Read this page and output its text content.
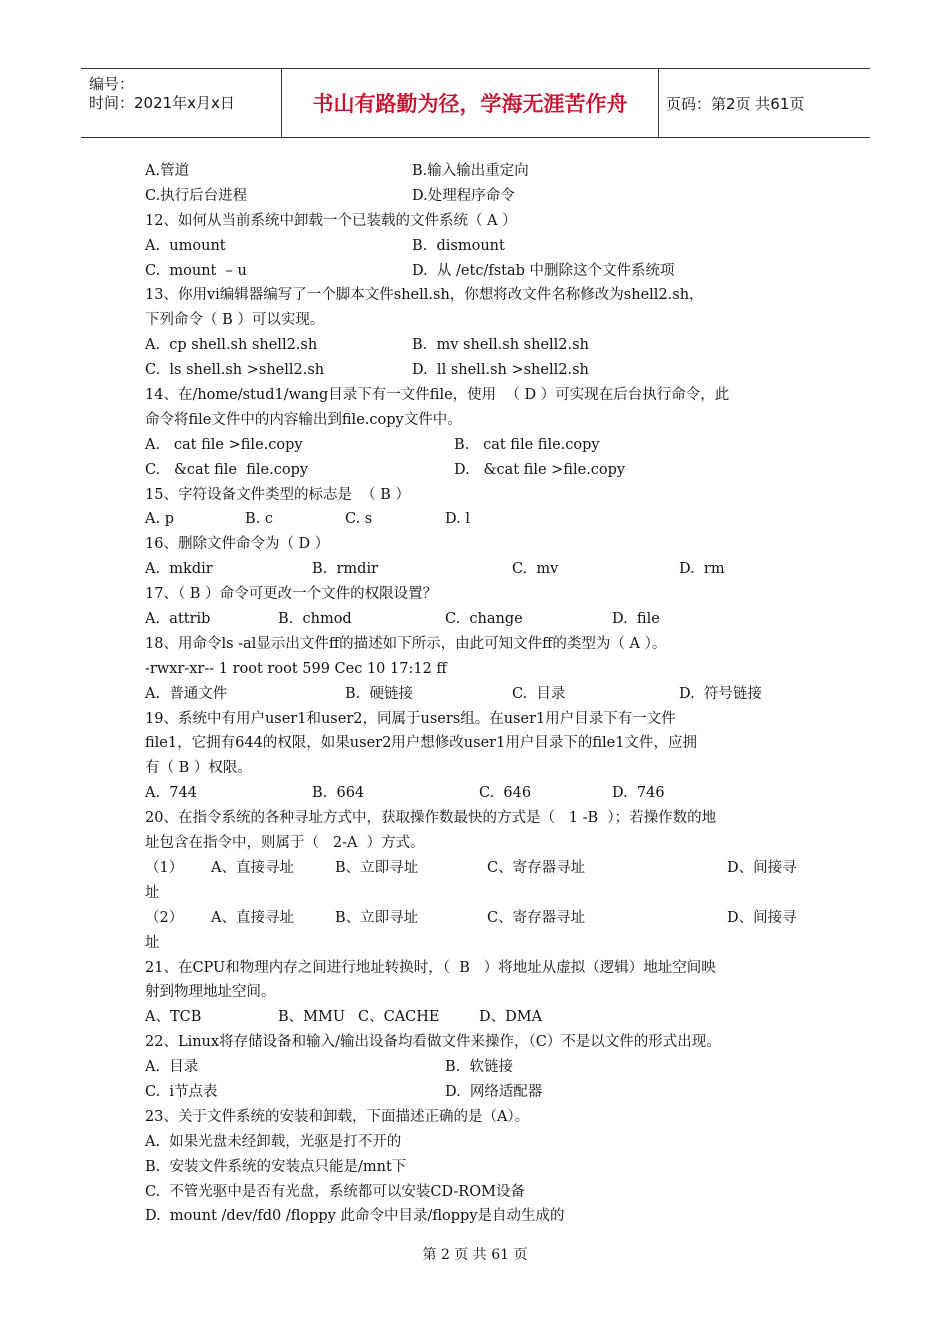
编号：
时间：2021年x月x日	书山有路勤为径，学海无涯苦作舟	页码：第2页 共61页
A.管道	B.输入输出重定向
C.执行后台进程	D.处理程序命令
12、如何从当前系统中卸载一个已装载的文件系统（ A ）
A.  umount	B.  dismount
C.  mount  – u	D.  从 /etc/fstab 中删除这个文件系统项
13、你用vi编辑器编写了一个脚本文件shell.sh，你想将改文件名称修改为shell2.sh，
下列命令（ B ）可以实现。
A.  cp shell.sh shell2.sh	B.  mv shell.sh shell2.sh
C.  ls shell.sh >shell2.sh	D.  ll shell.sh >shell2.sh
14、在/home/stud1/wang目录下有一文件file，使用  （ D ）可实现在后台执行命令，此
命令将file文件中的内容输出到file.copy文件中。
A.   cat file >file.copy	B.   cat file file.copy
C.   &cat file  file.copy	D.   &cat file >file.copy
15、字符设备文件类型的标志是  （ B ）
A. p	B. c	C. s	D. l
16、删除文件命令为（ D ）
A.  mkdir	B.  rmdir	C.  mv	D.  rm
17、（ B ）命令可更改一个文件的权限设置？
A.  attrib	B.  chmod	C.  change	D.  file
18、用命令ls -al显示出文件ff的描述如下所示，由此可知文件ff的类型为（ A ）。
-rwxr-xr-- 1 root root 599 Cec 10 17:12 ff
A.  普通文件	B.  硬链接	C.  目录	D.  符号链接
19、系统中有用户user1和user2，同属于users组。在user1用户目录下有一文件
file1，它拥有644的权限，如果user2用户想修改user1用户目录下的file1文件，应拥
有（ B ）权限。
A.  744	B.  664	C.  646	D.  746
20、在指令系统的各种寻址方式中，获取操作数最快的方式是（   1 -B  ）；若操作数的地
址包含在指令中，则属于（   2-A  ）方式。
（1） A、直接寻址	B、立即寻址	C、寄存器寻址	D、间接寻
址
（2） A、直接寻址	B、立即寻址	C、寄存器寻址	D、间接寻
址
21、在CPU和物理内存之间进行地址转换时，（  B   ）将地址从虚拟（逻辑）地址空间映
射到物理地址空间。
A、TCB	B、MMU C、CACHE	D、DMA
22、Linux将存储设备和输入/输出设备均看做文件来操作，（C）不是以文件的形式出现。
A.  目录	B.  软链接
C.  i节点表	D.  网络适配器
23、关于文件系统的安装和卸载，下面描述正确的是（A）。
A.  如果光盘未经卸载，光驱是打不开的
B.  安装文件系统的安装点只能是/mnt下
C.  不管光驱中是否有光盘，系统都可以安装CD-ROM设备
D.  mount /dev/fd0 /floppy 此命令中目录/floppy是自动生成的
第 2 页 共 61 页
